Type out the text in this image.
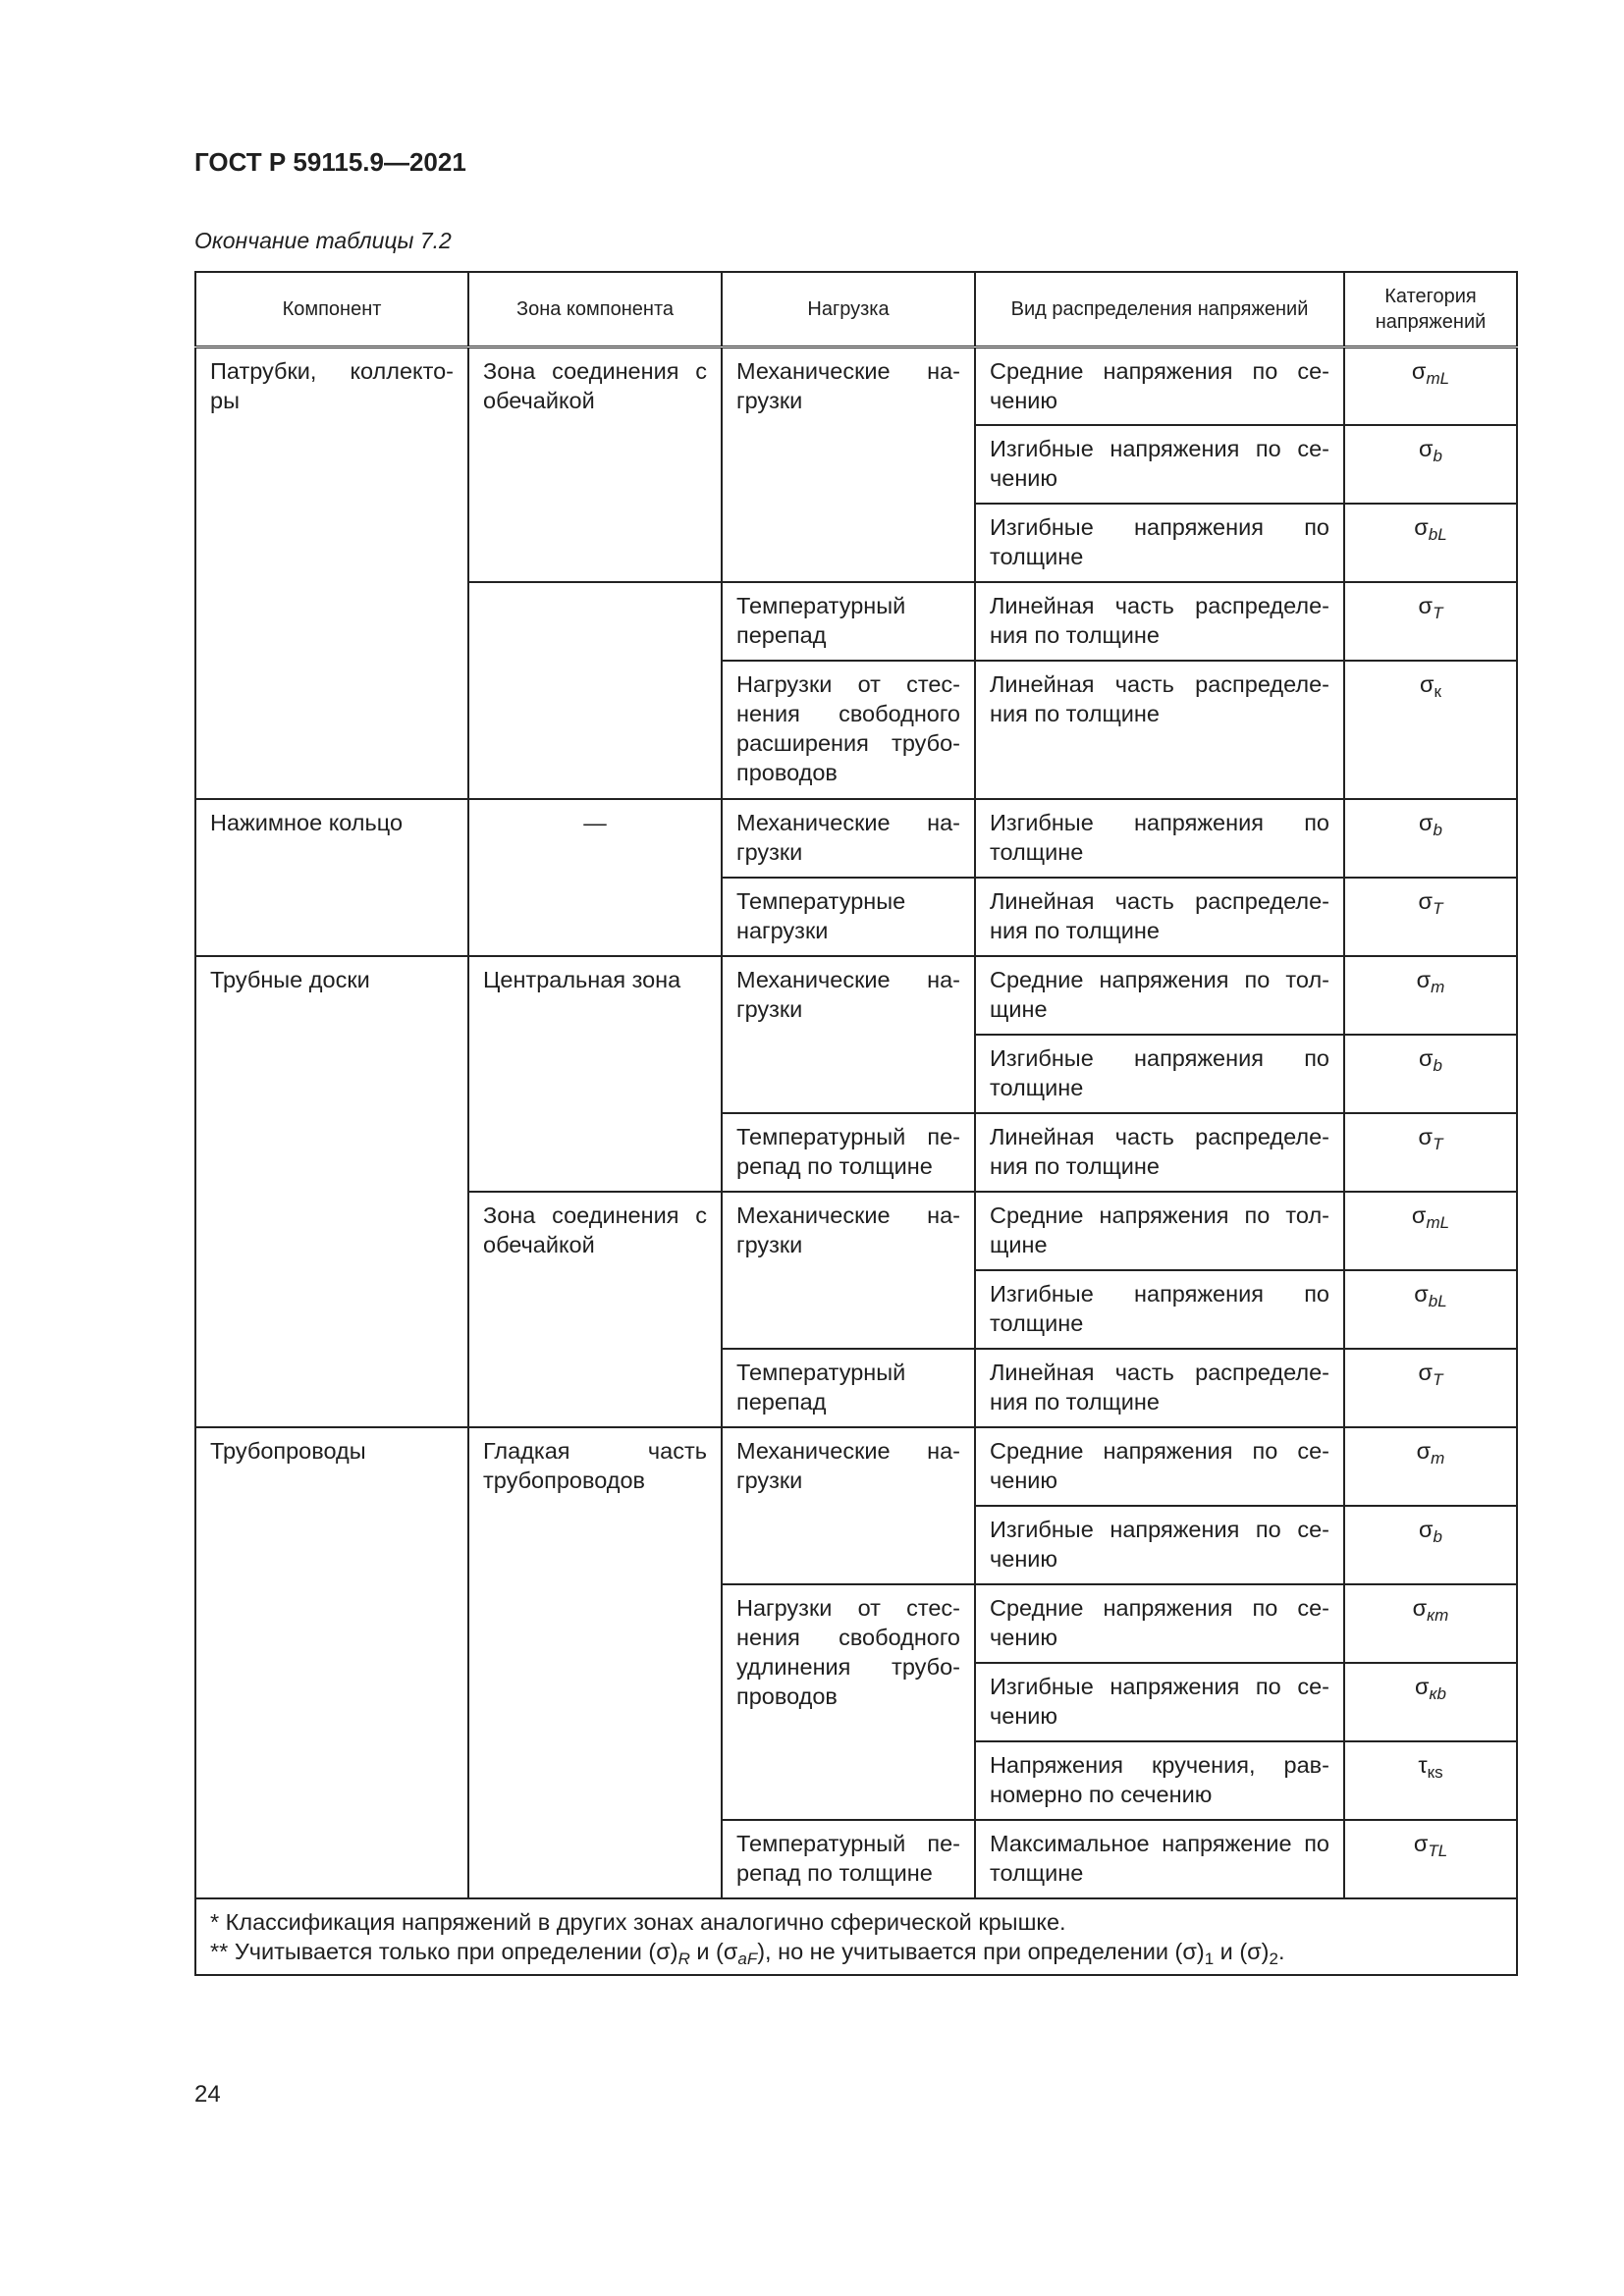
ГОСТ Р 59115.9—2021
Окончание таблицы 7.2
Компонент	Зона компонента	Нагрузка	Вид распределения напряжений	Категория напряжений
Патрубки, коллекто-ры	Зона соединения с обечайкой	Механические на-грузки	Средние напряжения по се-чению	$\sigma_{mL}$
			Изгибные напряжения по се-чению	$\sigma_b$
			Изгибные напряжения по толщине	$\sigma_{bL}$
		Температурный перепад	Линейная часть распределе-ния по толщине	$\sigma_T$
		Нагрузки от стес-нения свободного расширения трубо-проводов	Линейная часть распределе-ния по толщине	$\sigma_к$
Нажимное кольцо	—	Механические на-грузки	Изгибные напряжения по толщине	$\sigma_b$
		Температурные нагрузки	Линейная часть распределе-ния по толщине	$\sigma_T$
Трубные доски	Центральная зона	Механические на-грузки	Средние напряжения по тол-щине	$\sigma_m$
			Изгибные напряжения по толщине	$\sigma_b$
		Температурный пе-репад по толщине	Линейная часть распределе-ния по толщине	$\sigma_T$
	Зона соединения с обечайкой	Механические на-грузки	Средние напряжения по тол-щине	$\sigma_{mL}$
			Изгибные напряжения по толщине	$\sigma_{bL}$
		Температурный перепад	Линейная часть распределе-ния по толщине	$\sigma_T$
Трубопроводы	Гладкая часть трубопроводов	Механические на-грузки	Средние напряжения по се-чению	$\sigma_m$
			Изгибные напряжения по се-чению	$\sigma_b$
		Нагрузки от стес-нения свободного удлинения трубо-проводов	Средние напряжения по се-чению	$\sigma_{кm}$
			Изгибные напряжения по се-чению	$\sigma_{кb}$
			Напряжения кручения, рав-номерно по сечению	$\tau_{кs}$
		Температурный пе-репад по толщине	Максимальное напряжение по толщине	$\sigma_{TL}$

* Классификация напряжений в других зонах аналогично сферической крышке.
** Учитывается только при определении $(\sigma)_R$ и $(\sigma_{aF})$, но не учитывается при определении $(\sigma)_1$ и $(\sigma)_2$.				
24
